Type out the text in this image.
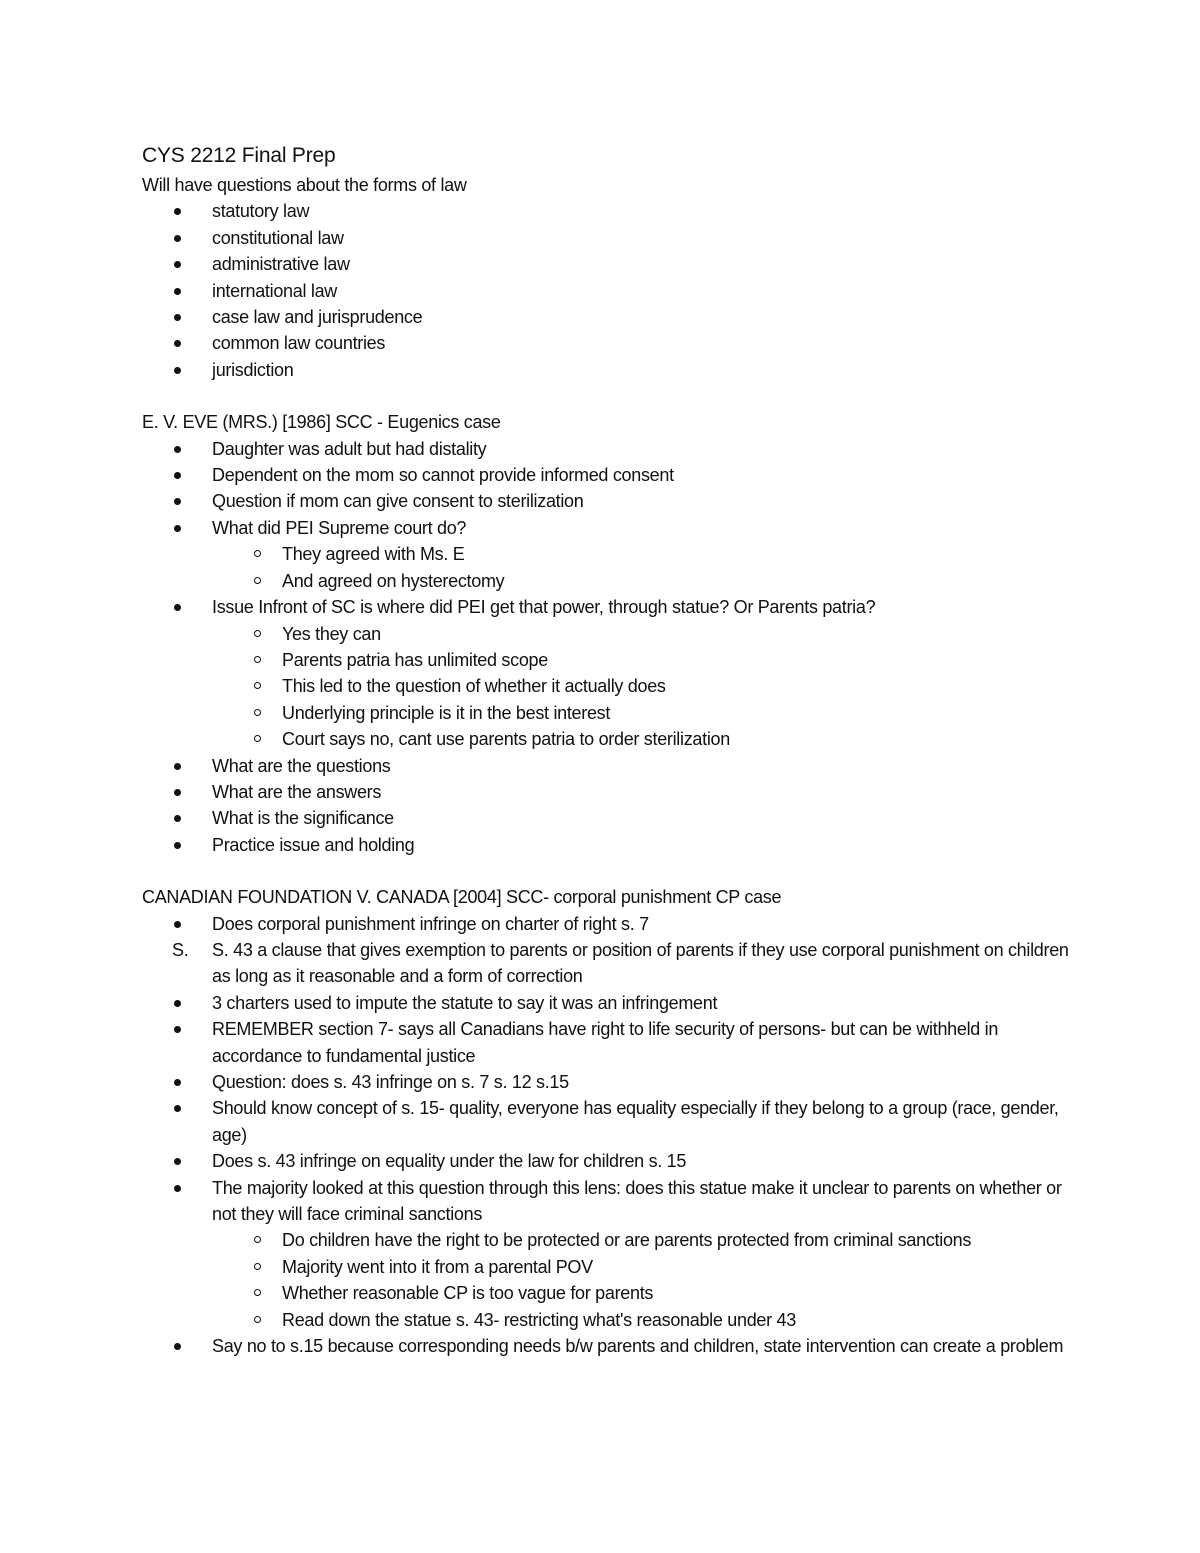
CYS 2212 Final Prep
Will have questions about the forms of law
statutory law
constitutional law
administrative law
international law
case law and jurisprudence
common law countries
jurisdiction
E. V. EVE (MRS.) [1986] SCC - Eugenics case
Daughter was adult but had distality
Dependent on the mom so cannot provide informed consent
Question if mom can give consent to sterilization
What did PEI Supreme court do?
They agreed with Ms. E
And agreed on hysterectomy
Issue Infront of SC is where did PEI get that power, through statue? Or Parents patria?
Yes they can
Parents patria has unlimited scope
This led to the question of whether it actually does
Underlying principle is it in the best interest
Court says no, cant use parents patria to order sterilization
What are the questions
What are the answers
What is the significance
Practice issue and holding
CANADIAN FOUNDATION V. CANADA [2004] SCC- corporal punishment CP case
Does corporal punishment infringe on charter of right s. 7
S.	S. 43 a clause that gives exemption to parents or position of parents if they use corporal punishment on children as long as it reasonable and a form of correction
3 charters used to impute the statute to say it was an infringement
REMEMBER section 7- says all Canadians have right to life security of persons- but can be withheld in accordance to fundamental justice
Question: does s. 43 infringe on s. 7 s. 12 s.15
Should know concept of s. 15- quality, everyone has equality especially if they belong to a group (race, gender, age)
Does s. 43 infringe on equality under the law for children s. 15
The majority looked at this question through this lens: does this statue make it unclear to parents on whether or not they will face criminal sanctions
Do children have the right to be protected or are parents protected from criminal sanctions
Majority went into it from a parental POV
Whether reasonable CP is too vague for parents
Read down the statue s. 43- restricting what's reasonable under 43
Say no to s.15 because corresponding needs b/w parents and children, state intervention can create a problem
